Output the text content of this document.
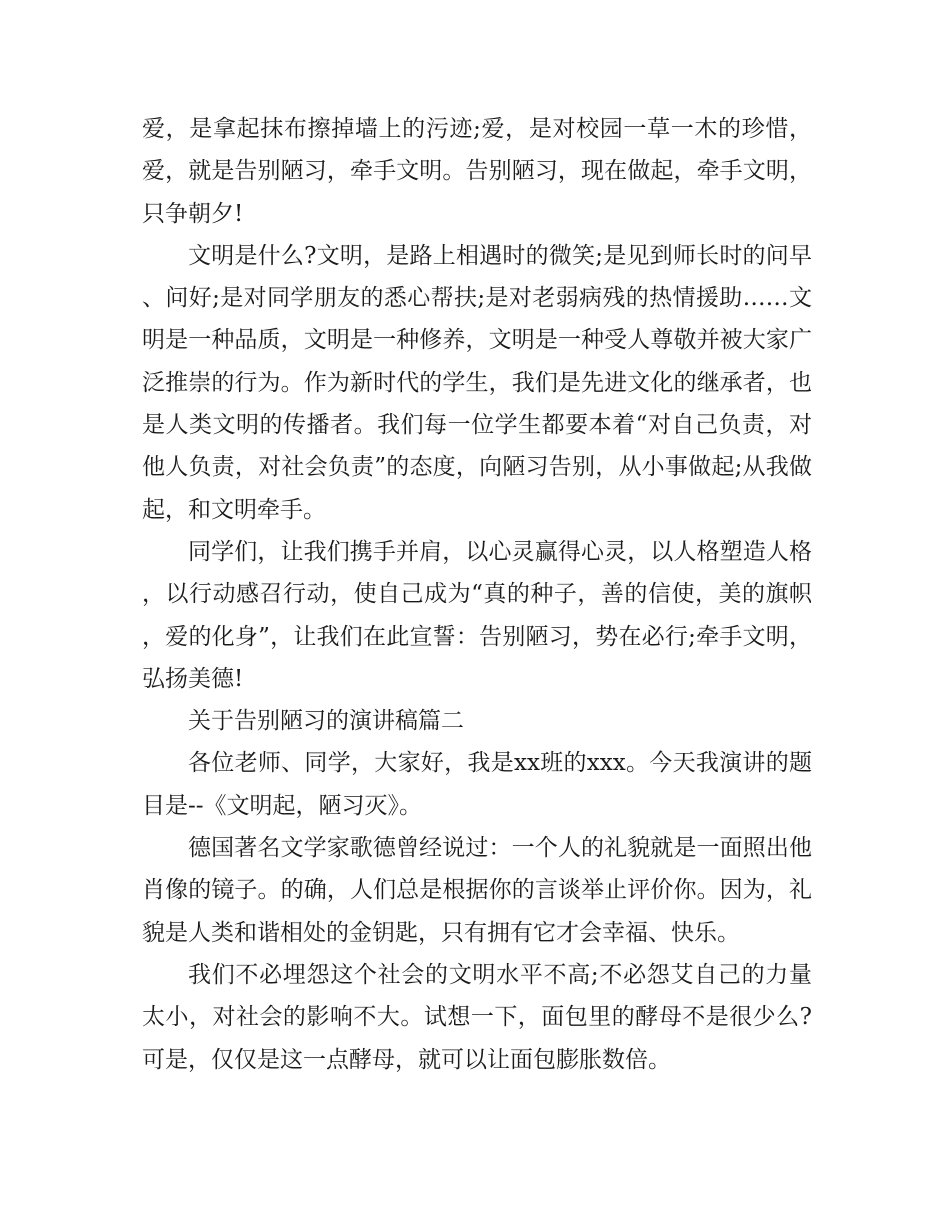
爱，是拿起抹布擦掉墙上的污迹;爱，是对校园一草一木的珍惜，爱，就是告别陋习，牵手文明。告别陋习，现在做起，牵手文明，只争朝夕!

文明是什么?文明，是路上相遇时的微笑;是见到师长时的问早、问好;是对同学朋友的悉心帮扶;是对老弱病残的热情援助……文明是一种品质，文明是一种修养，文明是一种受人尊敬并被大家广泛推崇的行为。作为新时代的学生，我们是先进文化的继承者，也是人类文明的传播者。我们每一位学生都要本着“对自己负责，对他人负责，对社会负责”的态度，向陋习告别，从小事做起;从我做起，和文明牵手。

同学们，让我们携手并肩，以心灵赢得心灵，以人格塑造人格，以行动感召行动，使自己成为“真的种子，善的信使，美的旗帜，爱的化身”，让我们在此宣誓：告别陋习，势在必行;牵手文明，弘扬美德!

关于告别陋习的演讲稿篇二

各位老师、同学，大家好，我是xx班的xxx。今天我演讲的题目是--《文明起，陋习灭》。

德国著名文学家歌德曾经说过：一个人的礼貌就是一面照出他肖像的镜子。的确，人们总是根据你的言谈举止评价你。因为，礼貌是人类和谐相处的金钥匙，只有拥有它才会幸福、快乐。

我们不必埋怨这个社会的文明水平不高;不必怨艾自己的力量太小，对社会的影响不大。试想一下，面包里的酵母不是很少么?可是，仅仅是这一点酵母，就可以让面包膨胀数倍。
